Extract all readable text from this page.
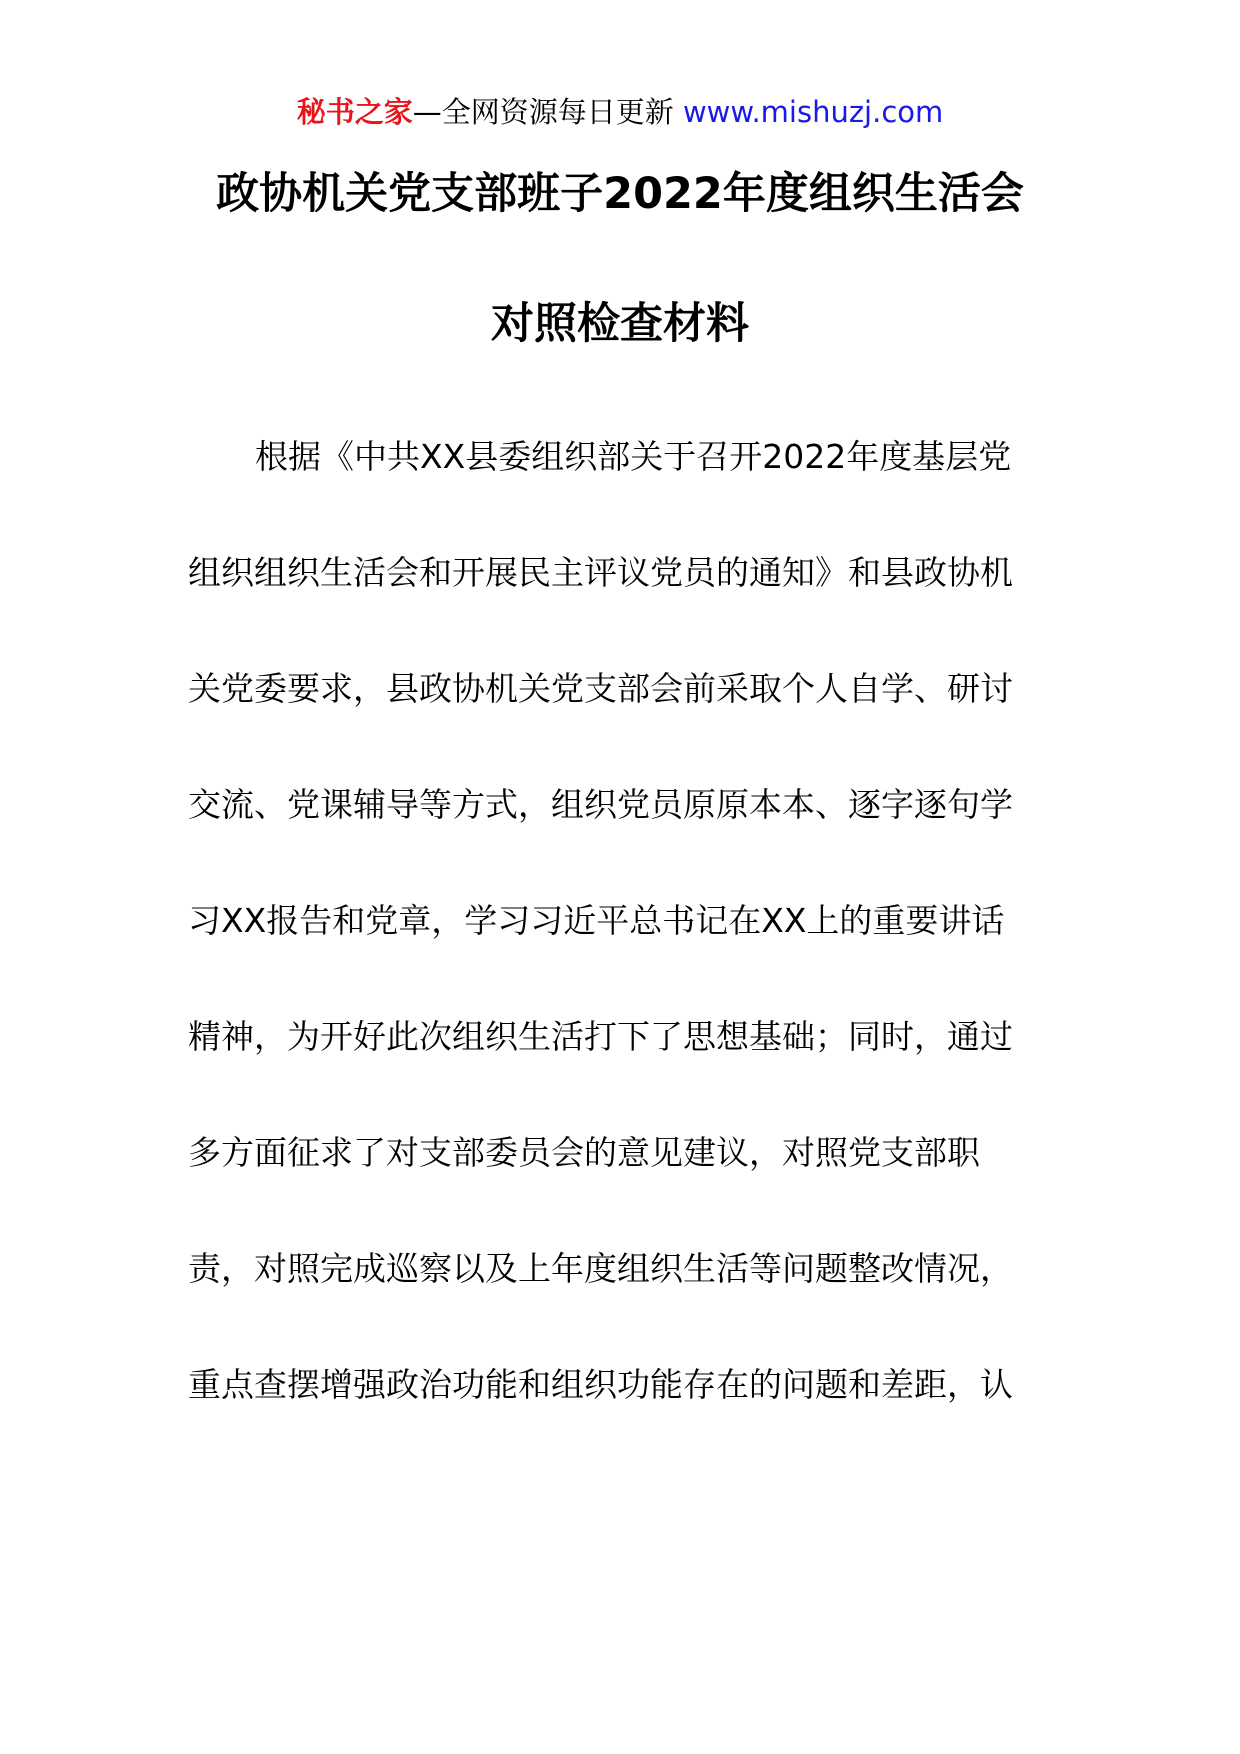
秘书之家—全网资源每日更新 www.mishuzj.com
政协机关党支部班子2022年度组织生活会
对照检查材料
根据《中共XX县委组织部关于召开2022年度基层党
组织组织生活会和开展民主评议党员的通知》和县政协机
关党委要求，县政协机关党支部会前采取个人自学、研讨
交流、党课辅导等方式，组织党员原原本本、逐字逐句学
习XX报告和党章，学习习近平总书记在XX上的重要讲话
精神，为开好此次组织生活打下了思想基础；同时，通过
多方面征求了对支部委员会的意见建议，对照党支部职
责，对照完成巡察以及上年度组织生活等问题整改情况，
重点查摆增强政治功能和组织功能存在的问题和差距，认
